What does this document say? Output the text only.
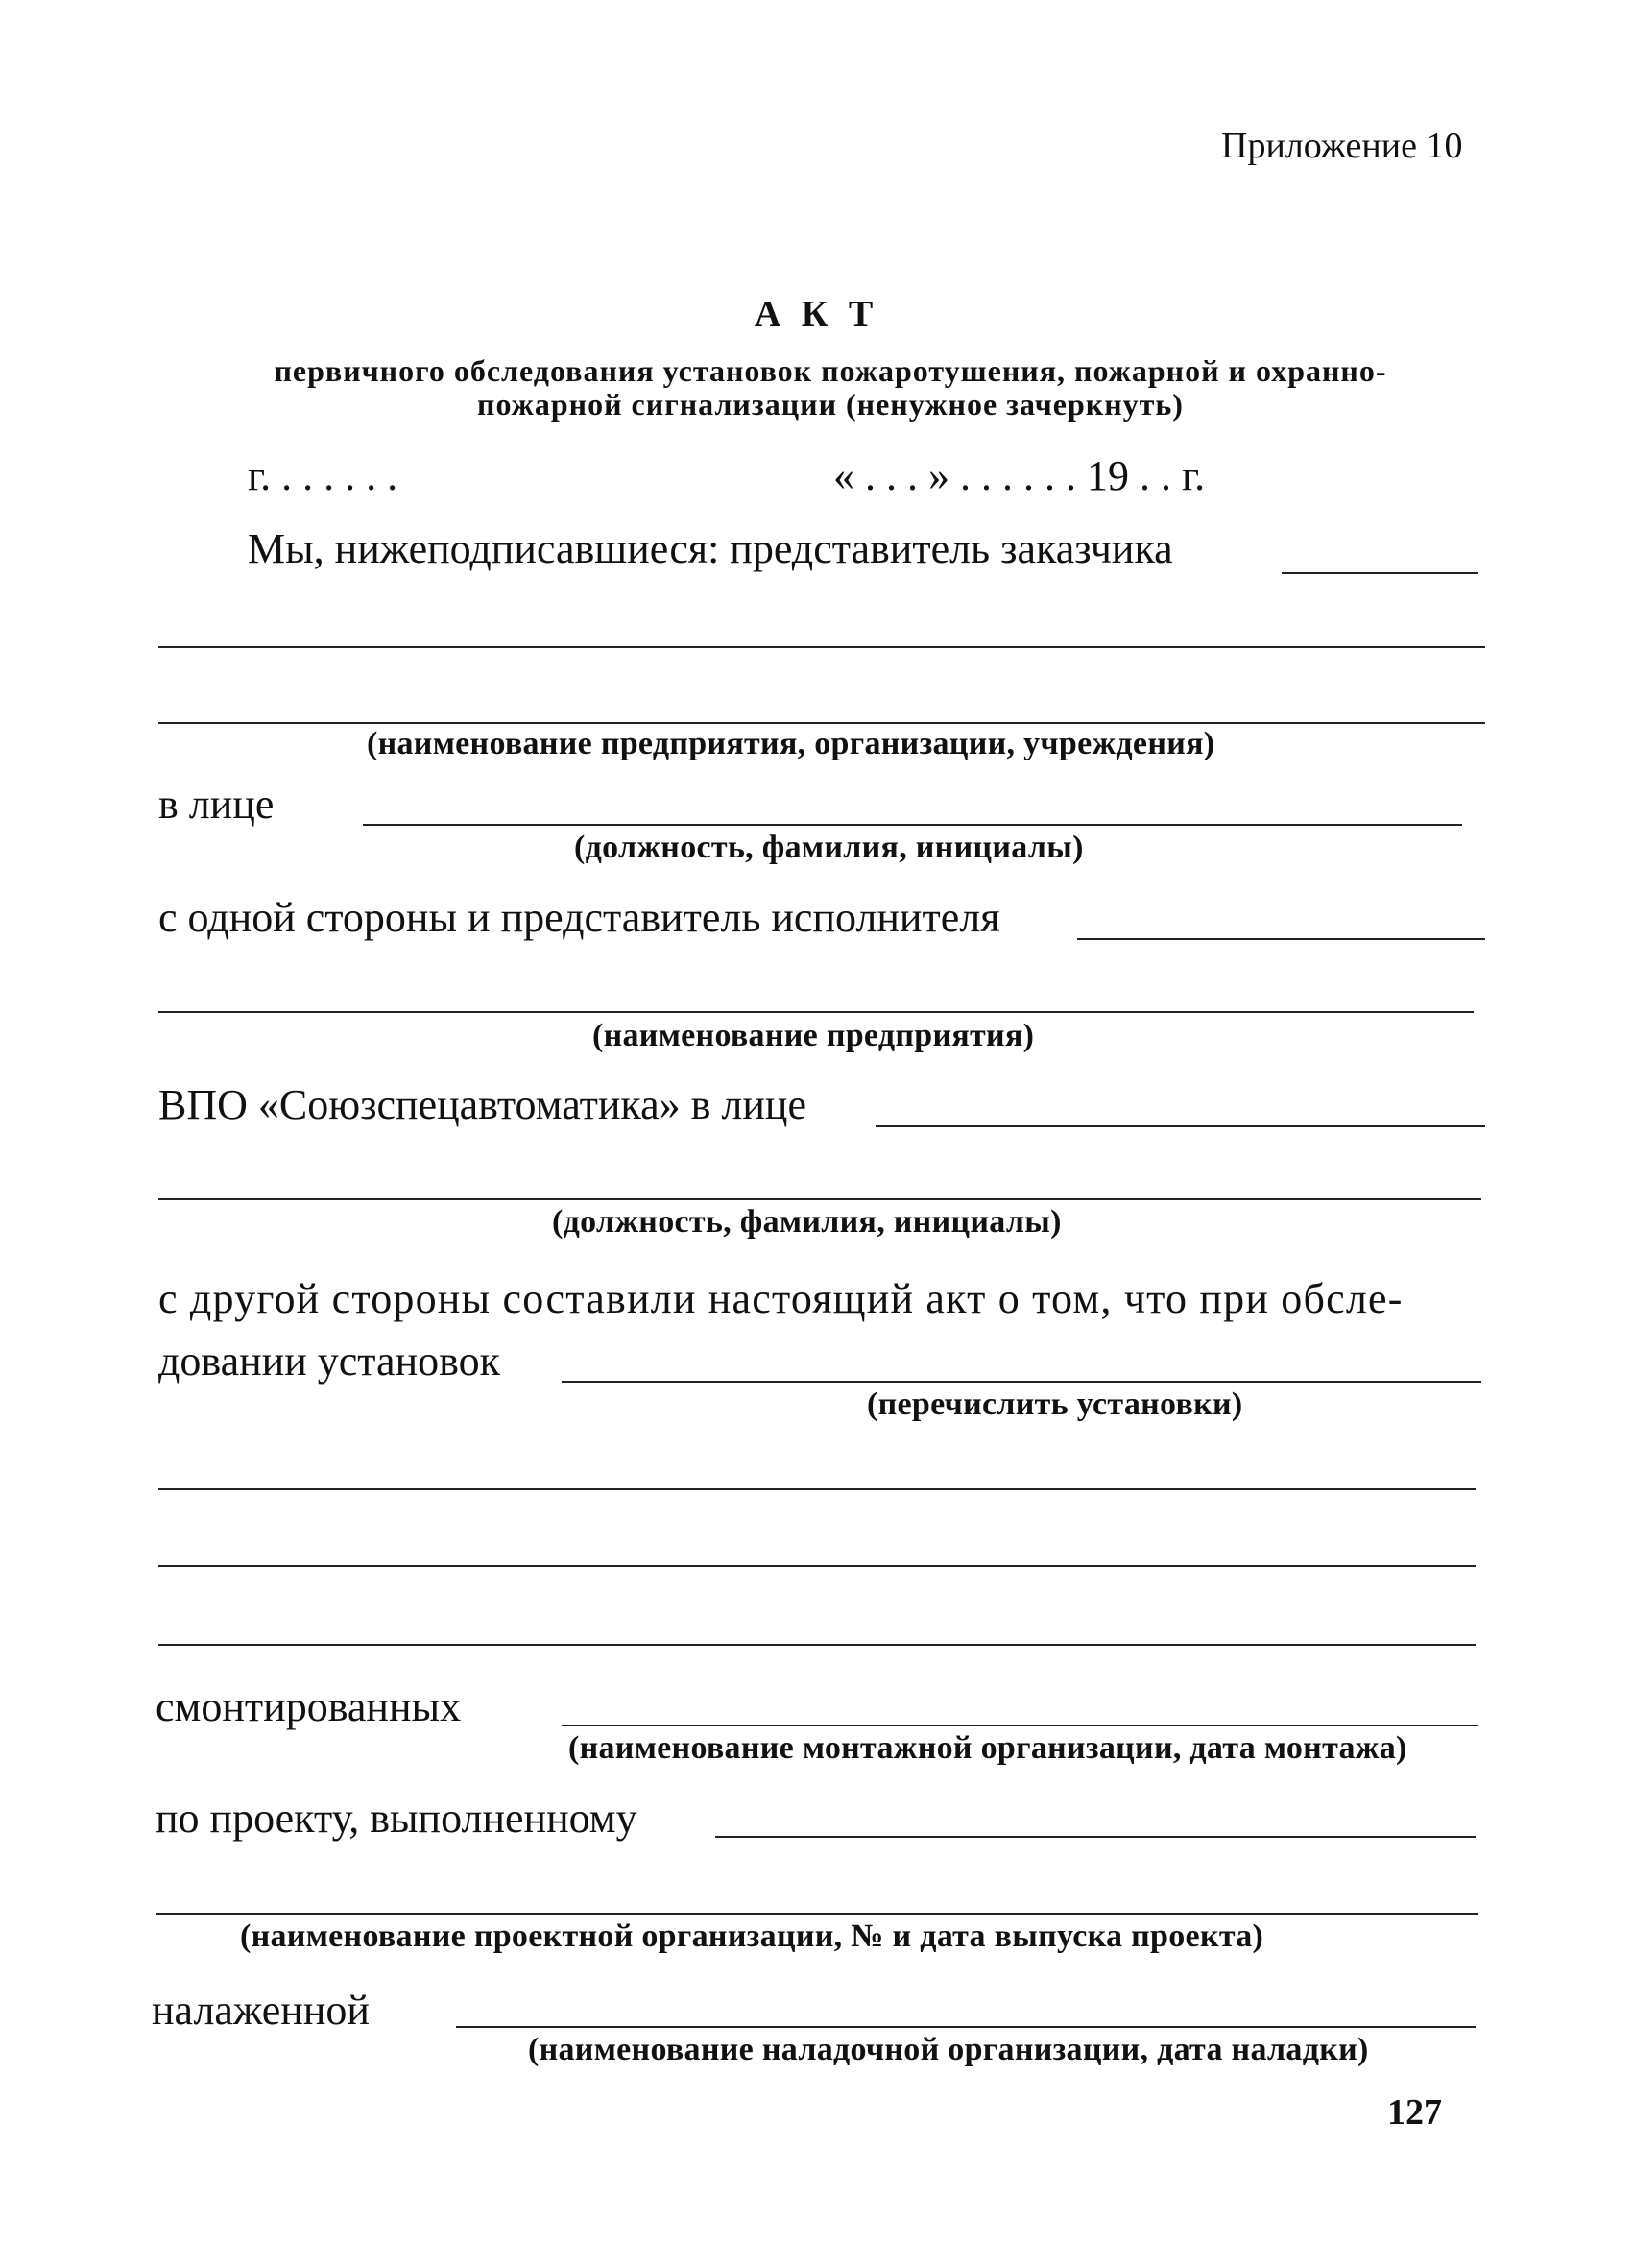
Приложение 10
А К Т
первичного обследования установок пожаротушения, пожарной и охранно-
пожарной сигнализации (ненужное зачеркнуть)
г. . . . . . .	« . . . » . . . . . . 19 . . г.
Мы, нижеподписавшиеся: представитель заказчика
(наименование предприятия, организации, учреждения)
в лице
(должность, фамилия, инициалы)
с одной стороны и представитель исполнителя
(наименование предприятия)
ВПО «Союзспецавтоматика» в лице
(должность, фамилия, инициалы)
с другой стороны составили настоящий акт о том, что при обсле-
довании установок
(перечислить установки)
смонтированных
(наименование монтажной организации, дата монтажа)
по проекту, выполненному
(наименование проектной организации, № и дата выпуска проекта)
налаженной
(наименование наладочной организации, дата наладки)
127
